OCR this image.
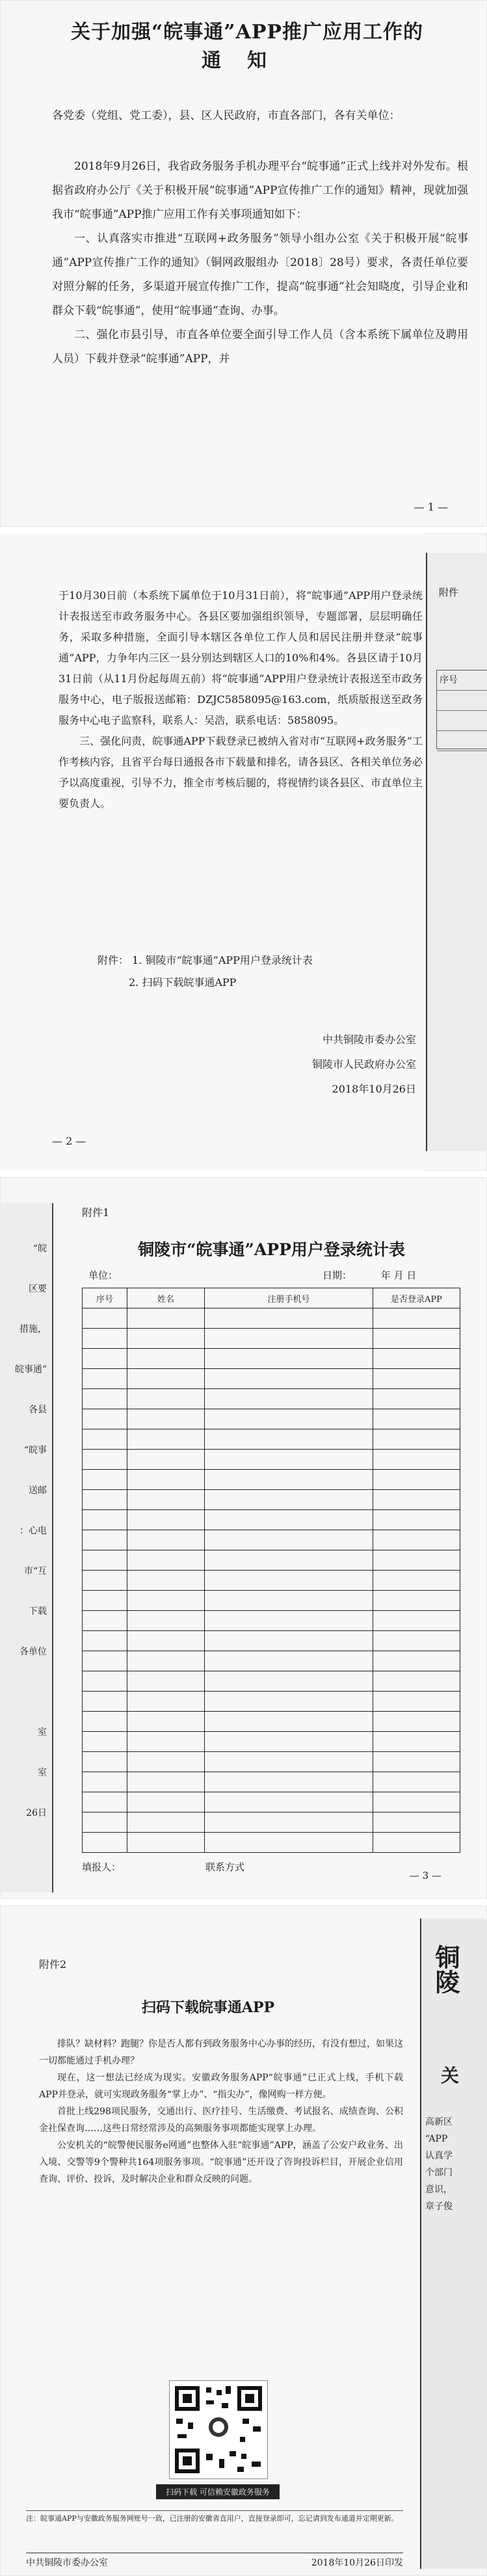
关于加强“皖事通”APP推广应用工作的

通知
各党委（党组、党工委），县、区人民政府，市直各部门，各有关单位：

2018年9月26日，我省政务服务手机办理平台“皖事通”正式上线并对外发布。根据省政府办公厅《关于积极开展“皖事通”APP宣传推广工作的通知》精神，现就加强我市“皖事通”APP推广应用工作有关事项通知如下：

一、认真落实市推进“互联网+政务服务”领导小组办公室《关于积极开展“皖事通”APP宣传推广工作的通知》（铜网政服组办〔2018〕28号）要求，各责任单位要对照分解的任务，多渠道开展宣传推广工作，提高“皖事通”社会知晓度，引导企业和群众下载“皖事通”，使用“皖事通”查询、办事。

二、强化市县引导，市直各单位要全面引导工作人员（含本系统下属单位及聘用人员）下载并登录“皖事通”APP，并

— 1 —

于10月30日前（本系统下属单位于10月31日前），将“皖事通”APP用户登录统计表报送至市政务服务中心。各县区要加强组织领导，专题部署，层层明确任务，采取多种措施，全面引导本辖区各单位工作人员和居民注册并登录“皖事通”APP，力争年内三区一县分别达到辖区人口的10%和4%。各县区请于10月31日前（从11月份起每周五前）将“皖事通”APP用户登录统计表报送至市政务服务中心，电子版报送邮箱：DZJC5858095@163.com，纸质版报送至政务服务中心电子监察科，联系人：吴浩，联系电话：5858095。

三、强化问责，皖事通APP下载登录已被纳入省对市“互联网+政务服务”工作考核内容，且省平台每日通报各市下载量和排名，请各县区、各相关单位务必予以高度重视，引导不力，推全市考核后腿的，将视情约谈各县区、市直单位主要负责人。

附件： 1. 铜陵市“皖事通”APP用户登录统计表
2. 扫码下载皖事通APP
中共铜陵市委办公室
铜陵市人民政府办公室
2018年10月26日
— 2 —
附件
序号
“皖
区要
措施，
皖事通”
各县
“皖事
送邮
：心电
市“互
下载
各单位
室
室
26日
附件1
铜陵市“皖事通”APP用户登录统计表
单位：	日期：	年 月 日
序号	姓名	注册手机号	是否登录APP

填报人：	联系方式
— 3 —
附件2
扫码下载皖事通APP

排队？缺材料？跑腿？你是否人都有到政务服务中心办事的经历，有没有想过，如果这一切都能通过手机办理？

现在，这一想法已经成为现实。安徽政务服务APP“皖事通”已正式上线，手机下载APP并登录，就可实现政务服务“掌上办”、“指尖办”，像网购一样方便。

首批上线298项民服务，交通出行、医疗挂号、生活缴费、考试报名、成绩查询、公积金社保查询……这些日常经常涉及的高频服务事项都能实现掌上办理。

公安机关的“皖警便民服务e网通”也整体入驻“皖事通”APP，涵盖了公安户政业务、出入境、交警等9个警种共164项服务事项。“皖事通”还开设了咨询投诉栏目，开展企业信用查询、评价、投诉，及时解决企业和群众反映的问题。

扫码下载 可信赖安徽政务服务
注：皖事通APP与安徽政务服务网账号一致，已注册的安徽省直用户，直接登录即可，忘记请到发布通道并定期更新。
中共铜陵市委办公室	2018年10月26日印发
铜陵
关
高新区
“APP
认真学
个部门
意识，
章子俊
